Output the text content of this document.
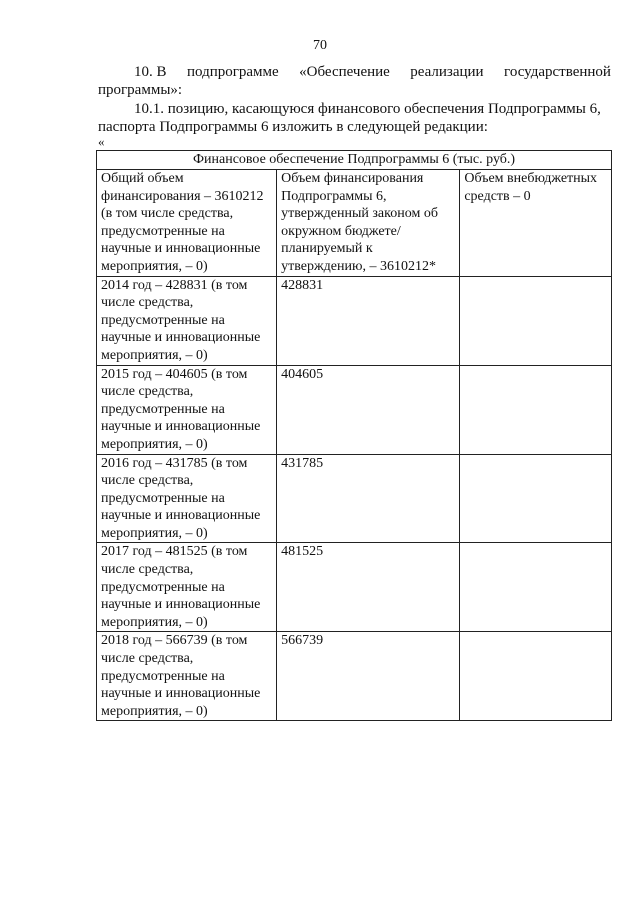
70
10. В подпрограмме «Обеспечение реализации государственной
программы»:
10.1. позицию, касающуюся финансового обеспечения Подпрограммы 6,
паспорта Подпрограммы 6 изложить в следующей редакции:
«
Финансовое обеспечение Подпрограммы 6 (тыс. руб.)		
Общий объем финансирования – 3610212 (в том числе средства, предусмотренные на научные и инновационные мероприятия, – 0)	Объем финансирования Подпрограммы 6, утвержденный законом об окружном бюджете/ планируемый к утверждению, – 3610212*	Объем внебюджетных средств – 0
2014 год – 428831 (в том числе средства, предусмотренные на научные и инновационные мероприятия, – 0)	428831	
2015 год – 404605 (в том числе средства, предусмотренные на научные и инновационные мероприятия, – 0)	404605	
2016 год – 431785 (в том числе средства, предусмотренные на научные и инновационные мероприятия, – 0)	431785	
2017 год – 481525 (в том числе средства, предусмотренные на научные и инновационные мероприятия, – 0)	481525	
2018 год – 566739 (в том числе средства, предусмотренные на научные и инновационные мероприятия, – 0)	566739	
